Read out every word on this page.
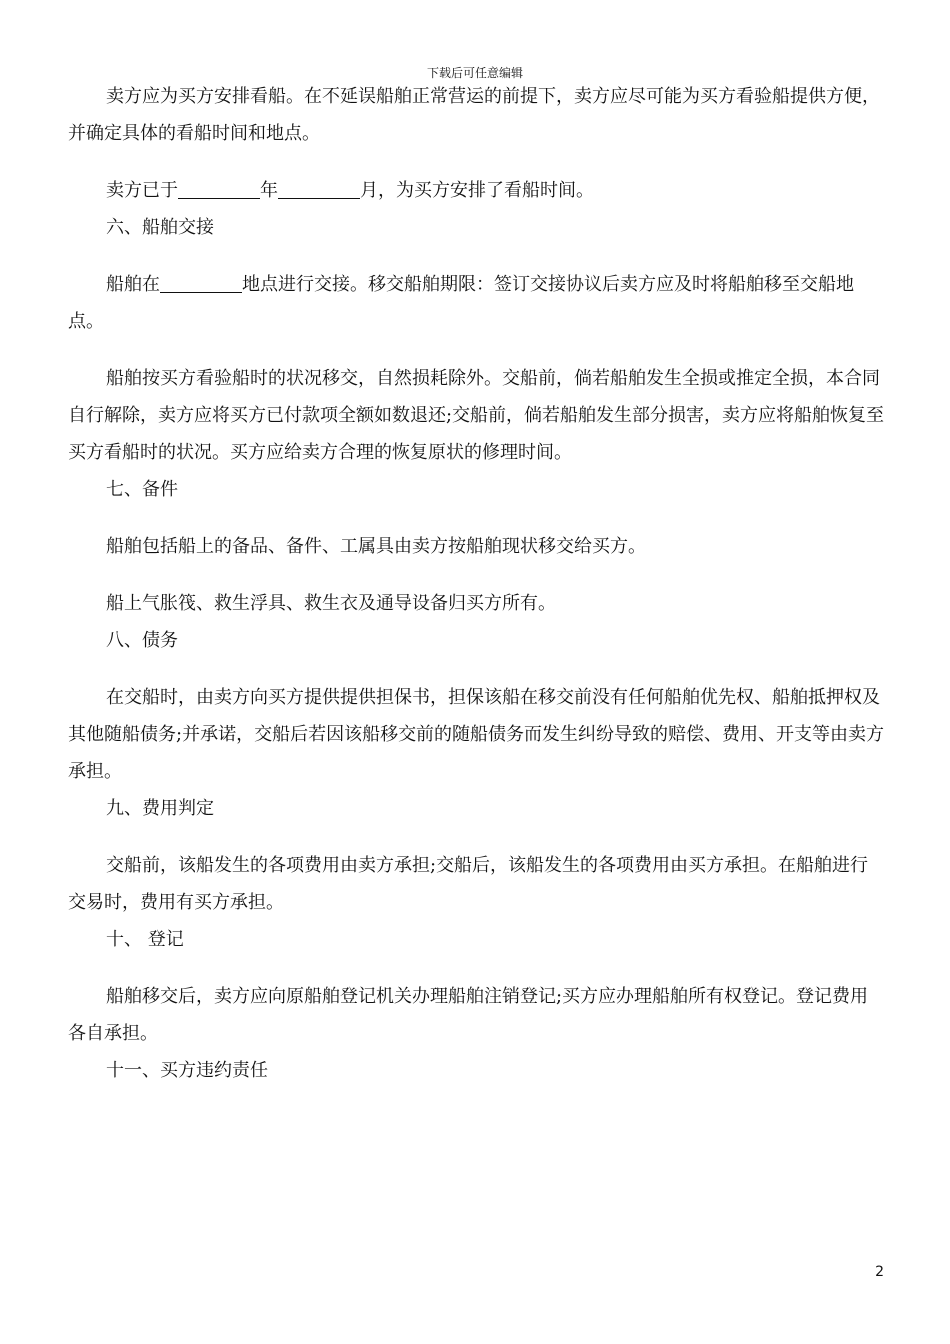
下载后可任意编辑

卖方应为买方安排看船。在不延误船舶正常营运的前提下，卖方应尽可能为买方看验船提供方便，并确定具体的看船时间和地点。

卖方已于	年	月，为买方安排了看船时间。

六、船舶交接

船舶在	地点进行交接。移交船舶期限：签订交接协议后卖方应及时将船舶移至交船地点。

船舶按买方看验船时的状况移交，自然损耗除外。交船前，倘若船舶发生全损或推定全损，本合同自行解除，卖方应将买方已付款项全额如数退还;交船前，倘若船舶发生部分损害，卖方应将船舶恢复至买方看船时的状况。买方应给卖方合理的恢复原状的修理时间。

七、备件

船舶包括船上的备品、备件、工属具由卖方按船舶现状移交给买方。

船上气胀筏、救生浮具、救生衣及通导设备归买方所有。

八、债务

在交船时，由卖方向买方提供提供担保书，担保该船在移交前没有任何船舶优先权、船舶抵押权及其他随船债务;并承诺，交船后若因该船移交前的随船债务而发生纠纷导致的赔偿、费用、开支等由卖方承担。

九、费用判定

交船前，该船发生的各项费用由卖方承担;交船后，该船发生的各项费用由买方承担。在船舶进行交易时，费用有买方承担。

十、 登记

船舶移交后，卖方应向原船舶登记机关办理船舶注销登记;买方应办理船舶所有权登记。登记费用各自承担。

十一、买方违约责任

2
